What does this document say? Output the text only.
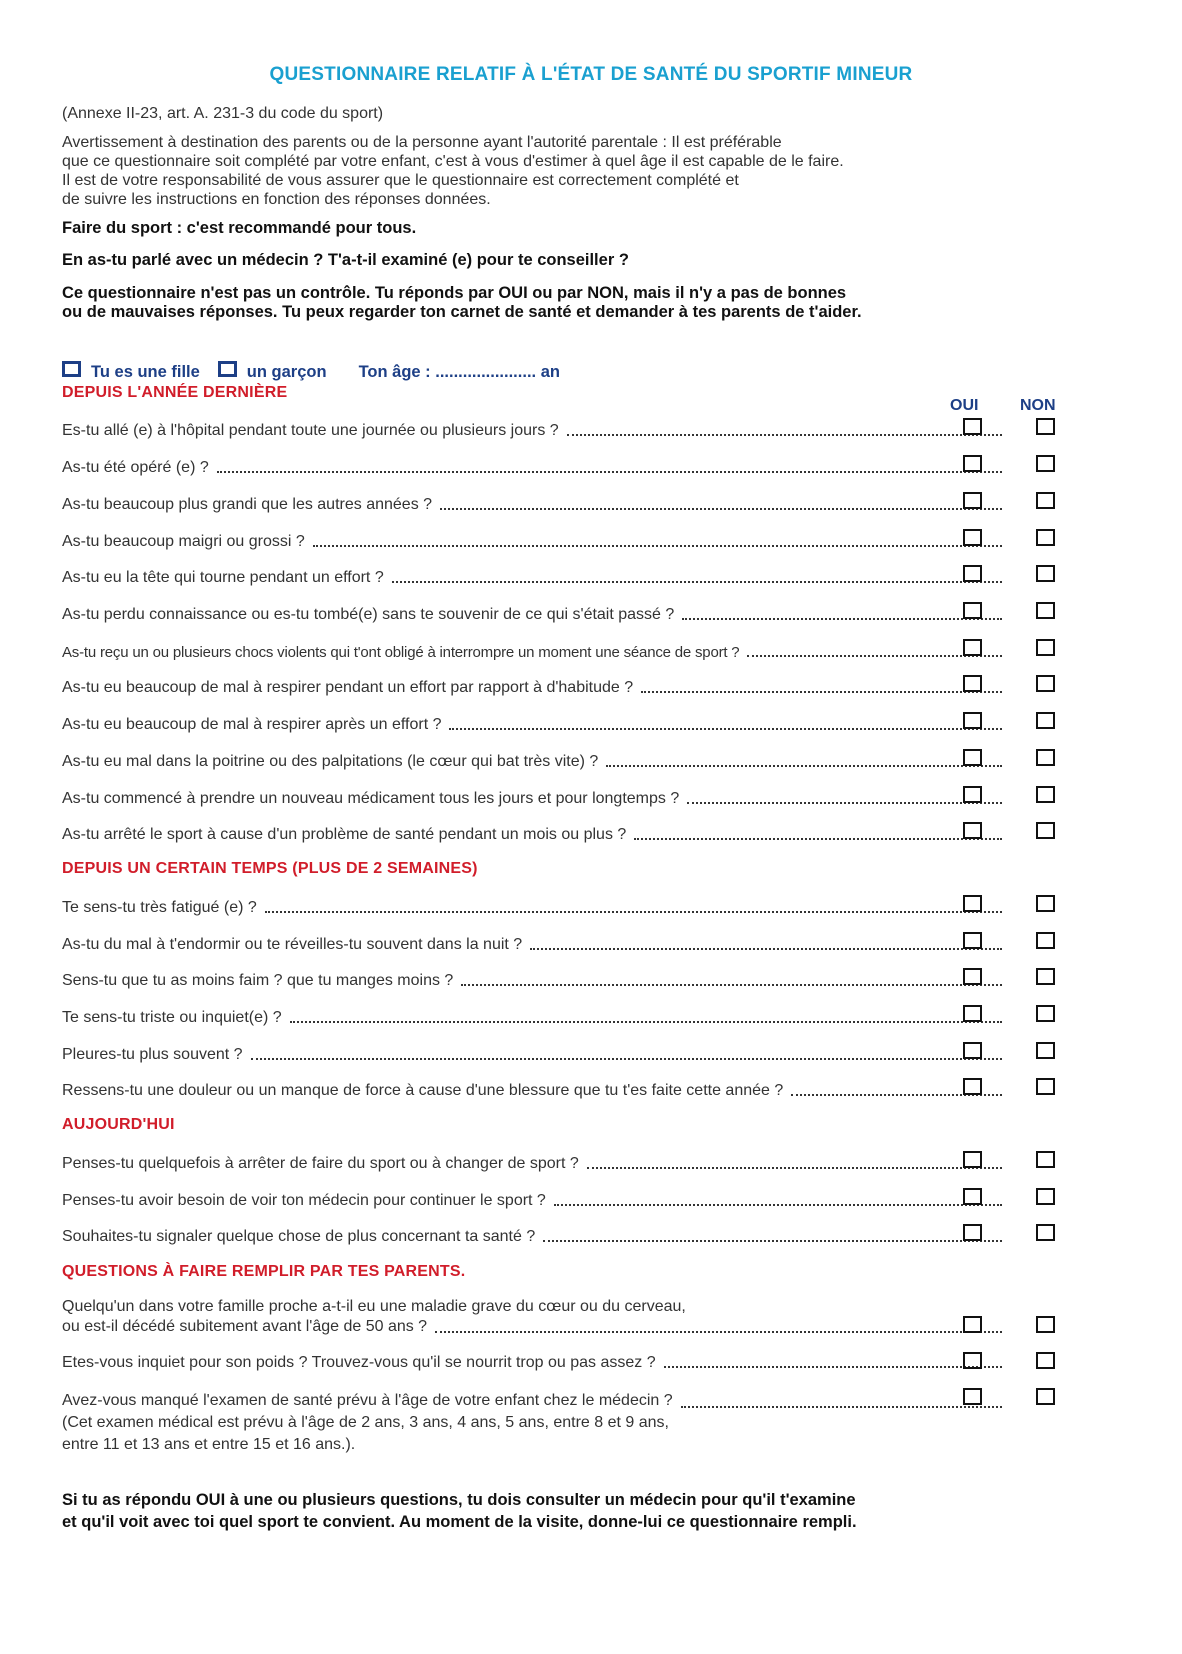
QUESTIONNAIRE RELATIF À L'ÉTAT DE SANTÉ DU SPORTIF MINEUR
(Annexe II-23, art. A. 231-3 du code du sport)
Avertissement à destination des parents ou de la personne ayant l'autorité parentale : Il est préférable
que ce questionnaire soit complété par votre enfant, c'est à vous d'estimer à quel âge il est capable de le faire.
Il est de votre responsabilité de vous assurer que le questionnaire est correctement complété et
de suivre les instructions en fonction des réponses données.
Faire du sport : c'est recommandé pour tous.
En as-tu parlé avec un médecin ? T'a-t-il examiné (e) pour te conseiller ?
Ce questionnaire n'est pas un contrôle. Tu réponds par OUI ou par NON, mais il n'y a pas de bonnes
ou de mauvaises réponses. Tu peux regarder ton carnet de santé et demander à tes parents de t'aider.
Tu es une fille	un garçon Ton âge : ...................... an
OUI	NON
DEPUIS L'ANNÉE DERNIÈRE
Es-tu allé (e) à l'hôpital pendant toute une journée ou plusieurs jours ?
As-tu été opéré (e) ?
As-tu beaucoup plus grandi que les autres années ?
As-tu beaucoup maigri ou grossi ?
As-tu eu la tête qui tourne pendant un effort ?
As-tu perdu connaissance ou es-tu tombé(e) sans te souvenir de ce qui s'était passé ?
As-tu reçu un ou plusieurs chocs violents qui t'ont obligé à interrompre un moment une séance de sport ?
As-tu eu beaucoup de mal à respirer pendant un effort par rapport à d'habitude ?
As-tu eu beaucoup de mal à respirer après un effort ?
As-tu eu mal dans la poitrine ou des palpitations (le cœur qui bat très vite) ?
As-tu commencé à prendre un nouveau médicament tous les jours et pour longtemps ?
As-tu arrêté le sport à cause d'un problème de santé pendant un mois ou plus ?
DEPUIS UN CERTAIN TEMPS (PLUS DE 2 SEMAINES)
Te sens-tu très fatigué (e) ?
As-tu du mal à t'endormir ou te réveilles-tu souvent dans la nuit ?
Sens-tu que tu as moins faim ? que tu manges moins ?
Te sens-tu triste ou inquiet(e) ?
Pleures-tu plus souvent ?
Ressens-tu une douleur ou un manque de force à cause d'une blessure que tu t'es faite cette année ?
AUJOURD'HUI
Penses-tu quelquefois à arrêter de faire du sport ou à changer de sport ?
Penses-tu avoir besoin de voir ton médecin pour continuer le sport ?
Souhaites-tu signaler quelque chose de plus concernant ta santé ?
QUESTIONS À FAIRE REMPLIR PAR TES PARENTS.
Quelqu'un dans votre famille proche a-t-il eu une maladie grave du cœur ou du cerveau,
ou est-il décédé subitement avant l'âge de 50 ans ?
Etes-vous inquiet pour son poids ? Trouvez-vous qu'il se nourrit trop ou pas assez ?
Avez-vous manqué l'examen de santé prévu à l'âge de votre enfant chez le médecin ?
(Cet examen médical est prévu à l'âge de 2 ans, 3 ans, 4 ans, 5 ans, entre 8 et 9 ans,
entre 11 et 13 ans et entre 15 et 16 ans.).
Si tu as répondu OUI à une ou plusieurs questions, tu dois consulter un médecin pour qu'il t'examine
et qu'il voit avec toi quel sport te convient. Au moment de la visite, donne-lui ce questionnaire rempli.
